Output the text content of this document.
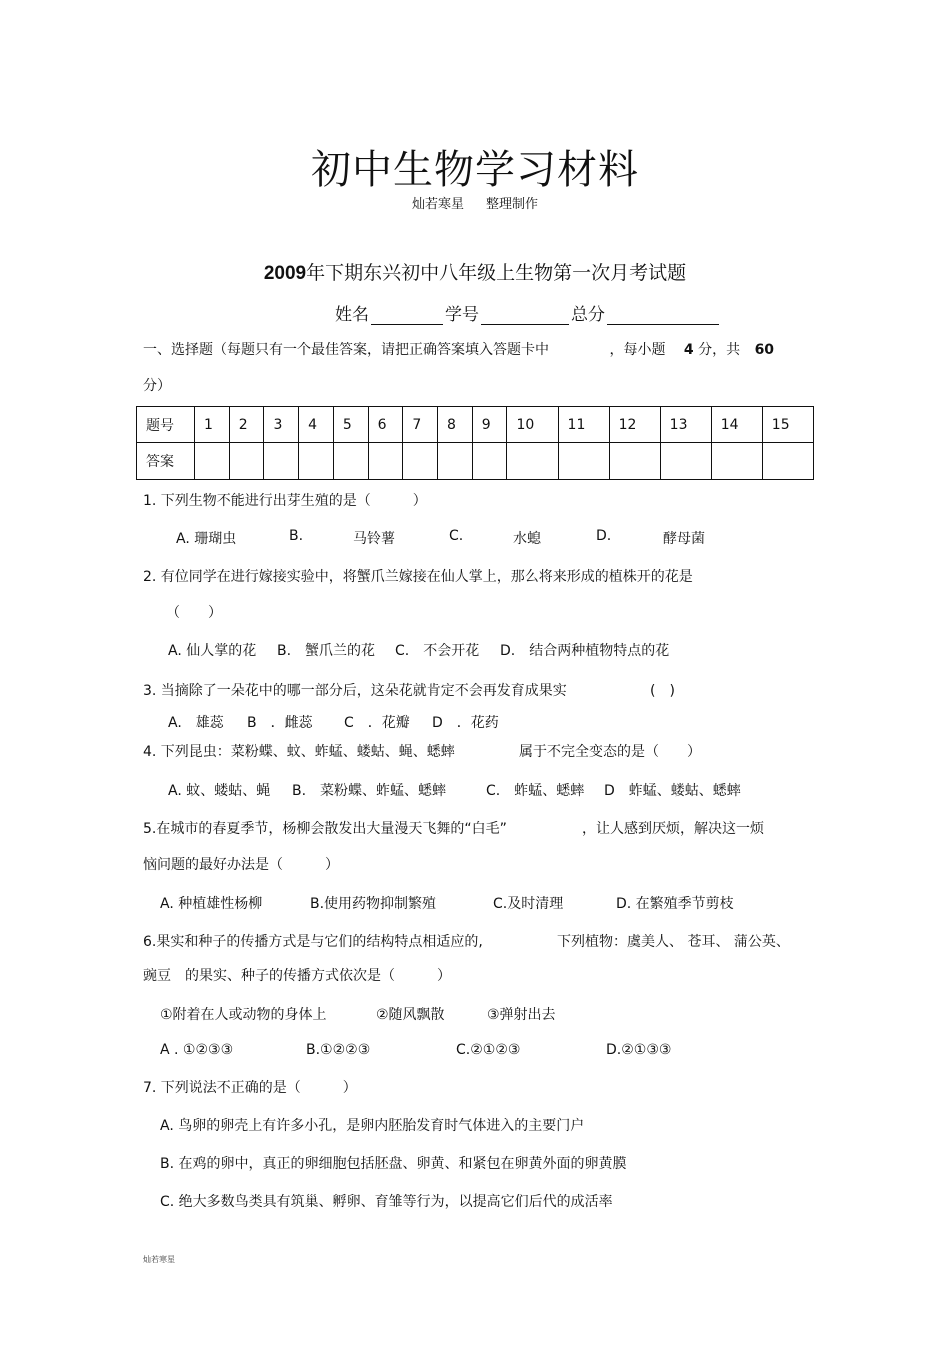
初中生物学习材料
灿若寒星 整理制作
2009年下期东兴初中八年级上生物第一次月考试题
姓名	学号	总分
一、选择题（每题只有一个最佳答案，请把正确答案填入答题卡中	，每小题 4 分，共 60
分）
题号	1	2	3	4	5	6	7	8	9	10	11	12	13	14	15
答案															
1. 下列生物不能进行出芽生殖的是（　　　）
A. 珊瑚虫	B.	马铃薯	C.	水螅	D.	酵母菌
2. 有位同学在进行嫁接实验中，将蟹爪兰嫁接在仙人掌上，那么将来形成的植株开的花是
（　　）
A. 仙人掌的花 B.　蟹爪兰的花 C.　不会开花 D.　结合两种植物特点的花
3. 当摘除了一朵花中的哪一部分后，这朵花就肯定不会再发育成果实	(　)
A.　雄蕊 B　．雌蕊 C　．花瓣 D　．花药
4. 下列昆虫：菜粉蝶、蚊、蚱蜢、蝼蛄、蝇、蟋蟀	属于不完全变态的是（　　）
A. 蚊、蝼蛄、蝇 B.　菜粉蝶、蚱蜢、蟋蟀	C.　蚱蜢、蟋蟀 D　蚱蜢、蝼蛄、蟋蟀
5.在城市的春夏季节，杨柳会散发出大量漫天飞舞的“白毛”	，让人感到厌烦，解决这一烦
恼问题的最好办法是（　　　）
A. 种植雄性杨柳	B.使用药物抑制繁殖	C.及时清理	D. 在繁殖季节剪枝
6.果实和种子的传播方式是与它们的结构特点相适应的,	下列植物：虞美人、 苍耳、 蒲公英、
豌豆　的果实、种子的传播方式依次是（　　　）
①附着在人或动物的身体上	②随风飘散	③弹射出去
A . ①②③③	B.①②②③	C.②①②③	D.②①③③
7. 下列说法不正确的是（　　　）
A. 鸟卵的卵壳上有许多小孔，是卵内胚胎发育时气体进入的主要门户
B. 在鸡的卵中，真正的卵细胞包括胚盘、卵黄、和紧包在卵黄外面的卵黄膜
C. 绝大多数鸟类具有筑巢、孵卵、育雏等行为，以提高它们后代的成活率
灿若寒星
